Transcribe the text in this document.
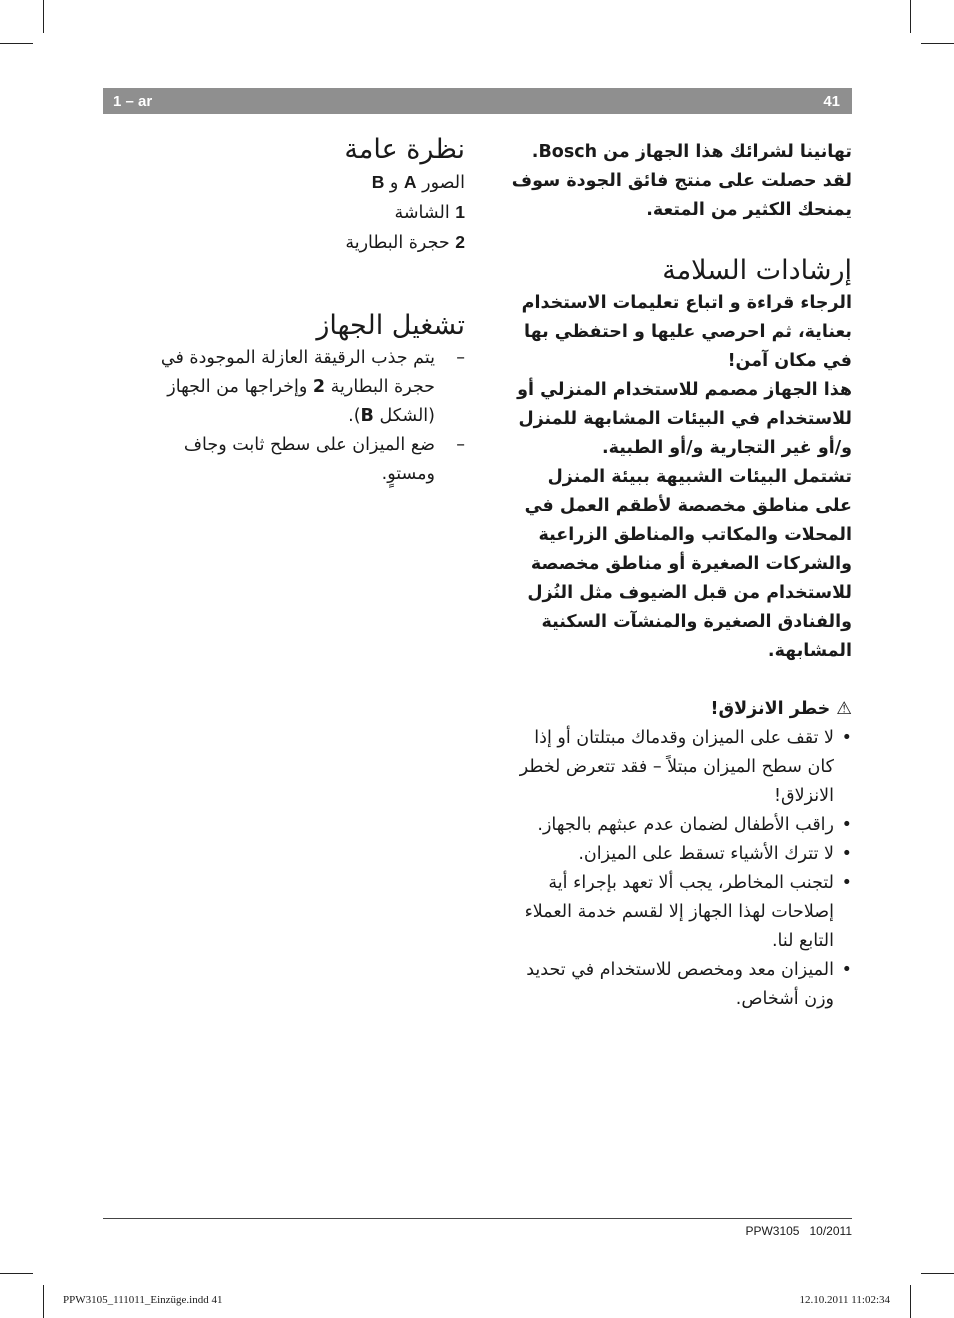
1 – ar	41

تهانينا لشرائك هذا الجهاز من Bosch. لقد حصلت على منتج فائق الجودة سوف يمنحك الكثير من المتعة.

إرشادات السلامة

الرجاء قراءة و اتباع تعليمات الاستخدام بعناية، ثم احرصي عليها و احتفظي بها في مكان آمن!

هذا الجهاز مصمم للاستخدام المنزلي أو للاستخدام في البيئات المشابهة للمنزل و/أو غير التجارية و/أو الطبية.

تشتمل البيئات الشبيهة ببيئة المنزل على مناطق مخصصة لأطقم العمل في المحلات والمكاتب والمناطق الزراعية والشركات الصغيرة أو مناطق مخصصة للاستخدام من قبل الضيوف مثل النُزل والفنادق الصغيرة والمنشآت السكنية المشابهة.

⚠خطر الانزلاق!

• لا تقف على الميزان وقدماك مبتلتان أو إذا كان سطح الميزان مبتلاً – فقد تتعرض لخطر الانزلاق!
• راقب الأطفال لضمان عدم عبثهم بالجهاز.
• لا تترك الأشياء تسقط على الميزان.
• لتجنب المخاطر، يجب ألا تعهد بإجراء أية إصلاحات لهذا الجهاز إلا لقسم خدمة العملاء التابع لنا.
• الميزان معد ومخصص للاستخدام في تحديد وزن أشخاص.
نظرة عامة

الصور A و B

1 الشاشة

2 حجرة البطارية

تشغيل الجهاز
–
يتم جذب الرقيقة العازلة الموجودة في حجرة البطارية 2 وإخراجها من الجهاز (الشكل B).
–
ضع الميزان على سطح ثابت وجاف ومستوٍ.
PPW3105 10/2011
PPW3105_111011_Einzüge.indd 41	12.10.2011 11:02:34
